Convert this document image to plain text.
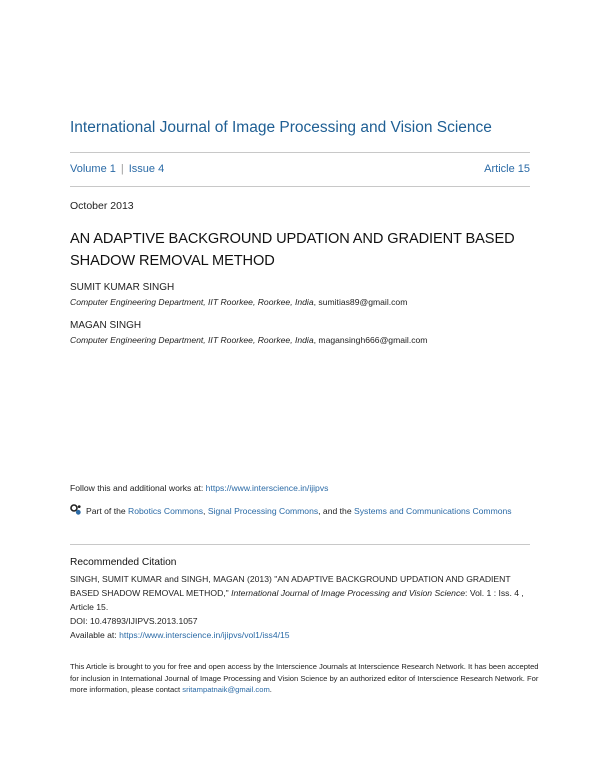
International Journal of Image Processing and Vision Science
Volume 1 | Issue 4	Article 15
October 2013
AN ADAPTIVE BACKGROUND UPDATION AND GRADIENT BASED SHADOW REMOVAL METHOD
SUMIT KUMAR SINGH
Computer Engineering Department, IIT Roorkee, Roorkee, India, sumitias89@gmail.com
MAGAN SINGH
Computer Engineering Department, IIT Roorkee, Roorkee, India, magansingh666@gmail.com
Follow this and additional works at: https://www.interscience.in/ijipvs
Part of the Robotics Commons, Signal Processing Commons, and the Systems and Communications Commons
Recommended Citation
SINGH, SUMIT KUMAR and SINGH, MAGAN (2013) "AN ADAPTIVE BACKGROUND UPDATION AND GRADIENT BASED SHADOW REMOVAL METHOD," International Journal of Image Processing and Vision Science: Vol. 1 : Iss. 4 , Article 15.
DOI: 10.47893/IJIPVS.2013.1057
Available at: https://www.interscience.in/ijipvs/vol1/iss4/15
This Article is brought to you for free and open access by the Interscience Journals at Interscience Research Network. It has been accepted for inclusion in International Journal of Image Processing and Vision Science by an authorized editor of Interscience Research Network. For more information, please contact sritampatnaik@gmail.com.
